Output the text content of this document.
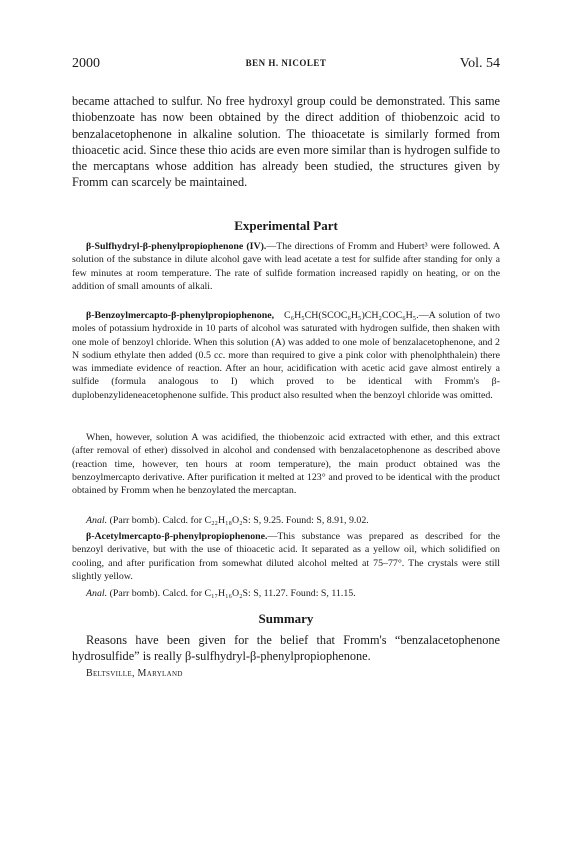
2000	BEN H. NICOLET	Vol. 54

became attached to sulfur. No free hydroxyl group could be demonstrated. This same thiobenzoate has now been obtained by the direct addition of thiobenzoic acid to benzalacetophenone in alkaline solution. The thioacetate is similarly formed from thioacetic acid. Since these thio acids are even more similar than is hydrogen sulfide to the mercaptans whose addition has already been studied, the structures given by Fromm can scarcely be maintained.

Experimental Part

β-Sulfhydryl-β-phenylpropiophenone (IV).—The directions of Fromm and Hubert³ were followed. A solution of the substance in dilute alcohol gave with lead acetate a test for sulfide after standing for only a few minutes at room temperature. The rate of sulfide formation increased rapidly on heating, or on the addition of small amounts of alkali.

β-Benzoylmercapto-β-phenylpropiophenone, C₆H₅CH(SCOC₆H₅)CH₂COC₆H₅.—A solution of two moles of potassium hydroxide in 10 parts of alcohol was saturated with hydrogen sulfide, then shaken with one mole of benzoyl chloride. When this solution (A) was added to one mole of benzalacetophenone, and 2 N sodium ethylate then added (0.5 cc. more than required to give a pink color with phenolphthalein) there was immediate evidence of reaction. After an hour, acidification with acetic acid gave almost entirely a sulfide (formula analogous to I) which proved to be identical with Fromm's β-duplobenzylideneacetophenone sulfide. This product also resulted when the benzoyl chloride was omitted.

When, however, solution A was acidified, the thiobenzoic acid extracted with ether, and this extract (after removal of ether) dissolved in alcohol and condensed with benzalacetophenone as described above (reaction time, however, ten hours at room temperature), the main product obtained was the benzoylmercapto derivative. After purification it melted at 123° and proved to be identical with the product obtained by Fromm when he benzoylated the mercaptan.

Anal. (Parr bomb). Calcd. for C₂₂H₁₈O₂S: S, 9.25. Found: S, 8.91, 9.02.

β-Acetylmercapto-β-phenylpropiophenone.—This substance was prepared as described for the benzoyl derivative, but with the use of thioacetic acid. It separated as a yellow oil, which solidified on cooling, and after purification from somewhat diluted alcohol melted at 75–77°. The crystals were still slightly yellow.

Anal. (Parr bomb). Calcd. for C₁₇H₁₆O₂S: S, 11.27. Found: S, 11.15.

Summary

Reasons have been given for the belief that Fromm's “benzalacetophenone hydrosulfide” is really β-sulfhydryl-β-phenylpropiophenone.

Beltsville, Maryland
